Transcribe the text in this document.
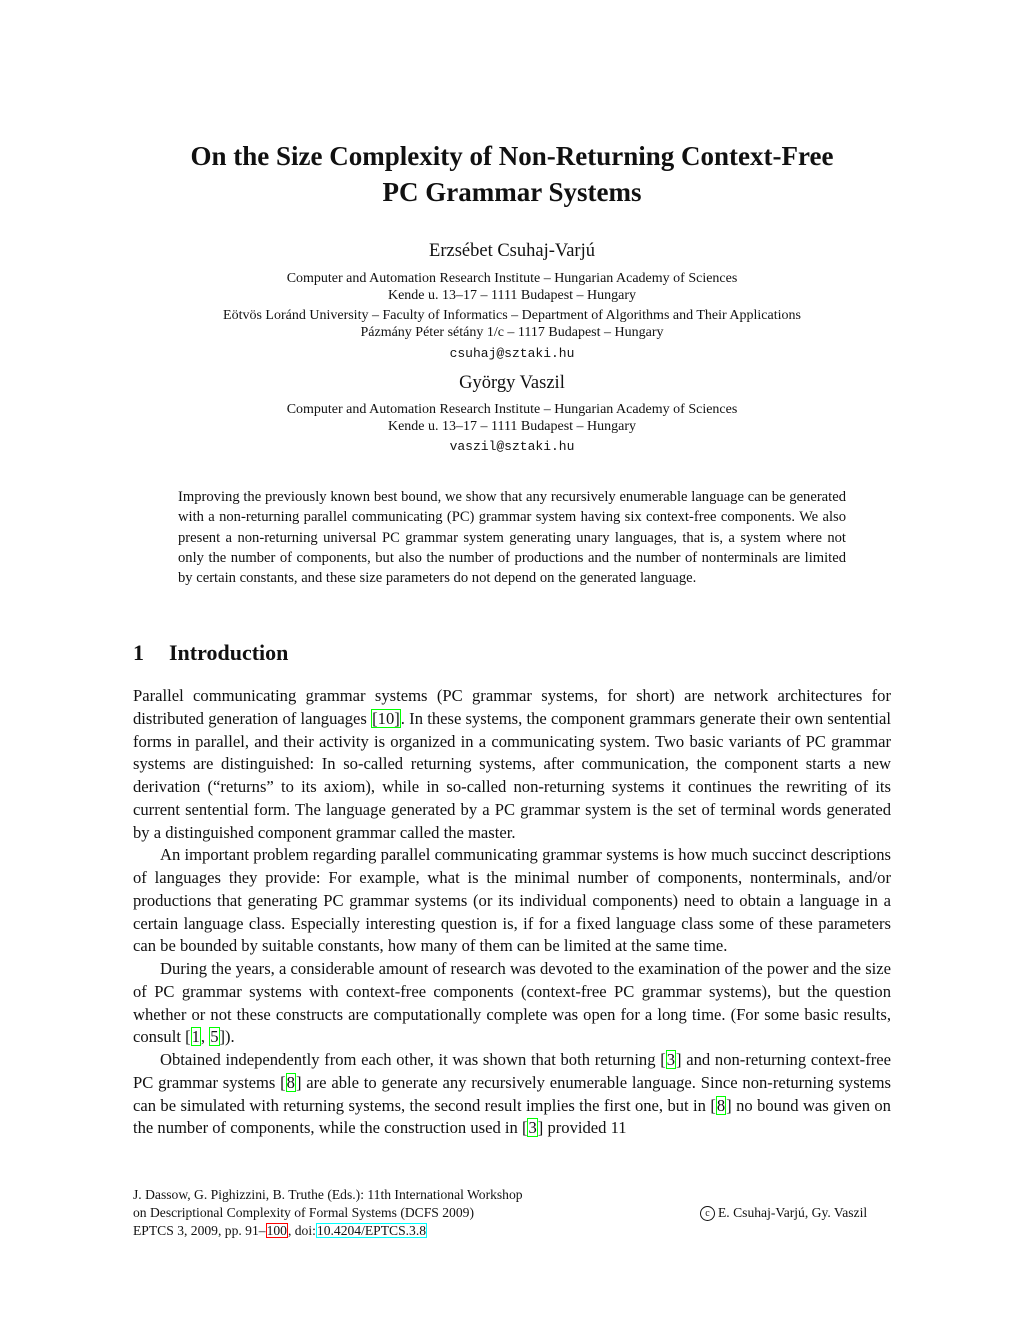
On the Size Complexity of Non-Returning Context-Free
PC Grammar Systems
Erzsébet Csuhaj-Varjú
Computer and Automation Research Institute – Hungarian Academy of Sciences
Kende u. 13–17 – 1111 Budapest – Hungary
Eötvös Loránd University – Faculty of Informatics – Department of Algorithms and Their Applications
Pázmány Péter sétány 1/c – 1117 Budapest – Hungary
csuhaj@sztaki.hu
György Vaszil
Computer and Automation Research Institute – Hungarian Academy of Sciences
Kende u. 13–17 – 1111 Budapest – Hungary
vaszil@sztaki.hu

Improving the previously known best bound, we show that any recursively enumerable language can be generated with a non-returning parallel communicating (PC) grammar system having six context-free components. We also present a non-returning universal PC grammar system generating unary languages, that is, a system where not only the number of components, but also the number of productions and the number of nonterminals are limited by certain constants, and these size parameters do not depend on the generated language.

1 Introduction

Parallel communicating grammar systems (PC grammar systems, for short) are network architectures for distributed generation of languages [10]. In these systems, the component grammars generate their own sentential forms in parallel, and their activity is organized in a communicating system. Two basic variants of PC grammar systems are distinguished: In so-called returning systems, after communication, the component starts a new derivation (“returns” to its axiom), while in so-called non-returning systems it continues the rewriting of its current sentential form. The language generated by a PC grammar system is the set of terminal words generated by a distinguished component grammar called the master.

An important problem regarding parallel communicating grammar systems is how much succinct descriptions of languages they provide: For example, what is the minimal number of components, nonterminals, and/or productions that generating PC grammar systems (or its individual components) need to obtain a language in a certain language class. Especially interesting question is, if for a fixed language class some of these parameters can be bounded by suitable constants, how many of them can be limited at the same time.

During the years, a considerable amount of research was devoted to the examination of the power and the size of PC grammar systems with context-free components (context-free PC grammar systems), but the question whether or not these constructs are computationally complete was open for a long time. (For some basic results, consult [1, 5]).

Obtained independently from each other, it was shown that both returning [3] and non-returning context-free PC grammar systems [8] are able to generate any recursively enumerable language. Since non-returning systems can be simulated with returning systems, the second result implies the first one, but in [8] no bound was given on the number of components, while the construction used in [3] provided 11

J. Dassow, G. Pighizzini, B. Truthe (Eds.): 11th International Workshop
on Descriptional Complexity of Formal Systems (DCFS 2009)
EPTCS 3, 2009, pp. 91–100, doi:10.4204/EPTCS.3.8
c E. Csuhaj-Varjú, Gy. Vaszil
